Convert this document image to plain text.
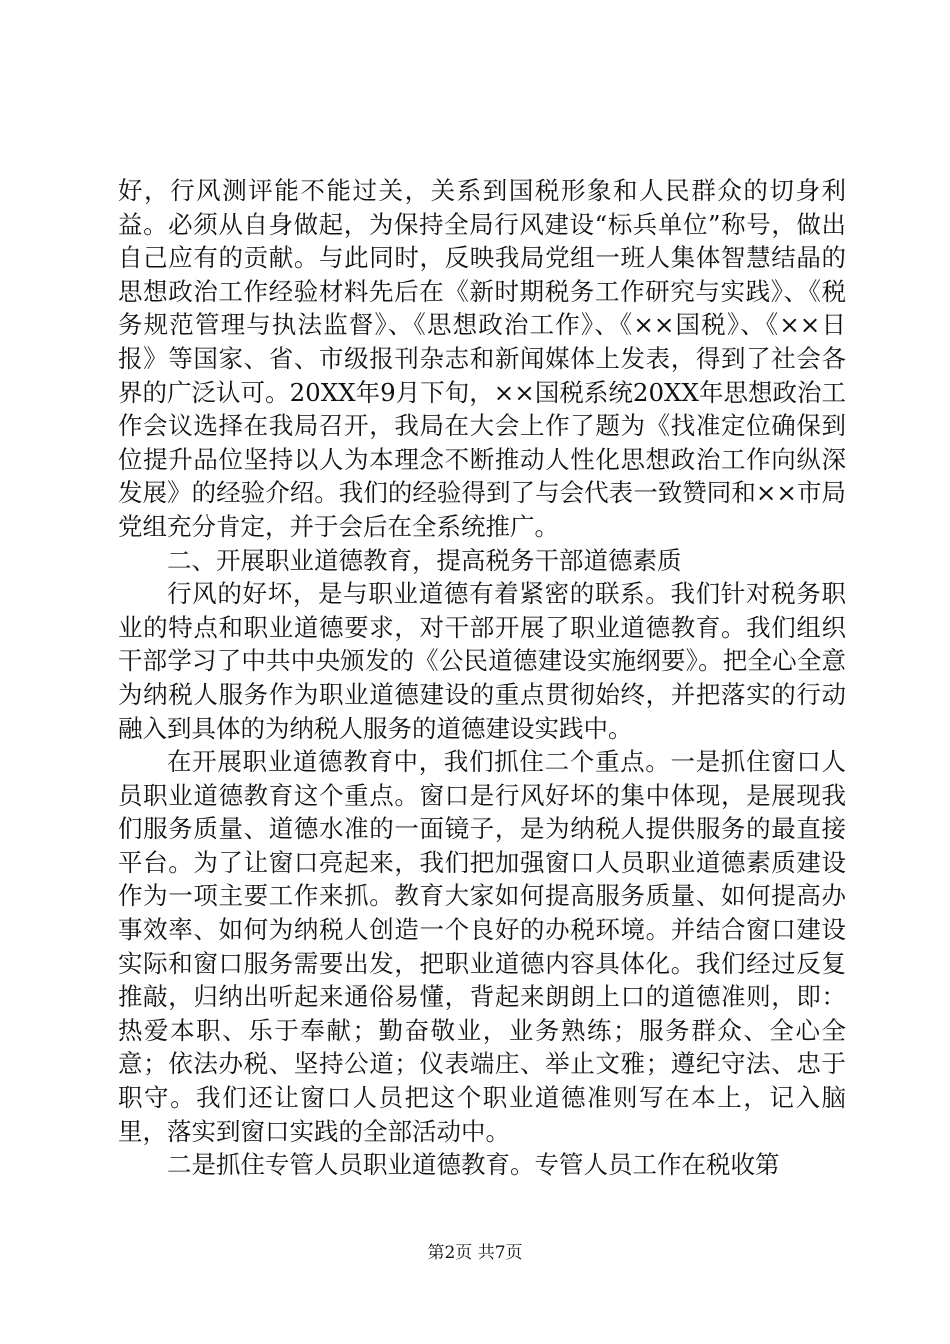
好，行风测评能不能过关，关系到国税形象和人民群众的切身利益。必须从自身做起，为保持全局行风建设“标兵单位”称号，做出自己应有的贡献。与此同时，反映我局党组一班人集体智慧结晶的思想政治工作经验材料先后在《新时期税务工作研究与实践》、《税务规范管理与执法监督》、《思想政治工作》、《××国税》、《××日报》等国家、省、市级报刊杂志和新闻媒体上发表，得到了社会各界的广泛认可。20XX年9月下旬，××国税系统20XX年思想政治工作会议选择在我局召开，我局在大会上作了题为《找准定位确保到位提升品位坚持以人为本理念不断推动人性化思想政治工作向纵深发展》的经验介绍。我们的经验得到了与会代表一致赞同和××市局党组充分肯定，并于会后在全系统推广。

二、开展职业道德教育，提高税务干部道德素质

行风的好坏，是与职业道德有着紧密的联系。我们针对税务职业的特点和职业道德要求，对干部开展了职业道德教育。我们组织干部学习了中共中央颁发的《公民道德建设实施纲要》。把全心全意为纳税人服务作为职业道德建设的重点贯彻始终，并把落实的行动融入到具体的为纳税人服务的道德建设实践中。

在开展职业道德教育中，我们抓住二个重点。一是抓住窗口人员职业道德教育这个重点。窗口是行风好坏的集中体现，是展现我们服务质量、道德水准的一面镜子，是为纳税人提供服务的最直接平台。为了让窗口亮起来，我们把加强窗口人员职业道德素质建设作为一项主要工作来抓。教育大家如何提高服务质量、如何提高办事效率、如何为纳税人创造一个良好的办税环境。并结合窗口建设实际和窗口服务需要出发，把职业道德内容具体化。我们经过反复推敲，归纳出听起来通俗易懂，背起来朗朗上口的道德准则，即：热爱本职、乐于奉献；勤奋敬业，业务熟练；服务群众、全心全意；依法办税、坚持公道；仪表端庄、举止文雅；遵纪守法、忠于职守。我们还让窗口人员把这个职业道德准则写在本上，记入脑里，落实到窗口实践的全部活动中。

二是抓住专管人员职业道德教育。专管人员工作在税收第

第2页 共7页
